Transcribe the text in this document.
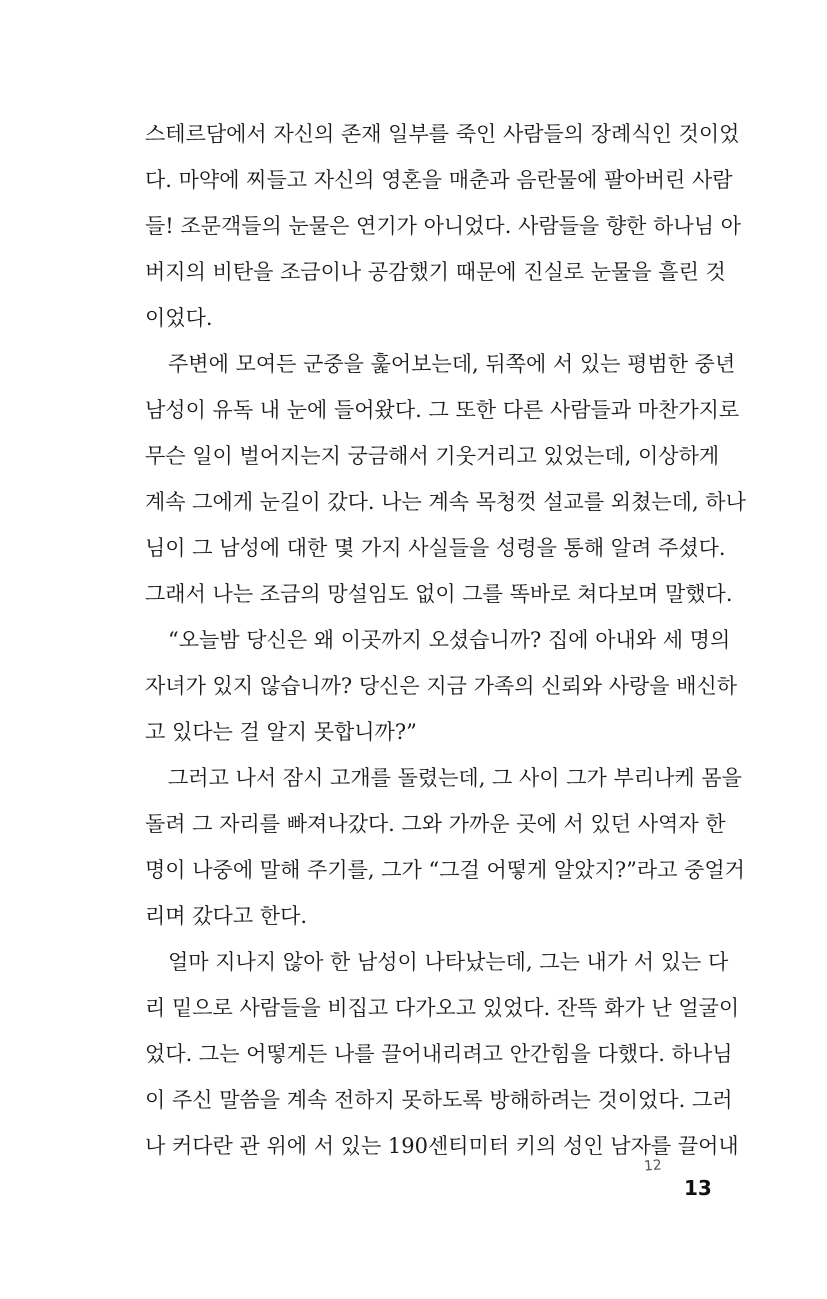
스테르담에서 자신의 존재 일부를 죽인 사람들의 장례식인 것이었
다. 마약에 찌들고 자신의 영혼을 매춘과 음란물에 팔아버린 사람
들! 조문객들의 눈물은 연기가 아니었다. 사람들을 향한 하나님 아
버지의 비탄을 조금이나 공감했기 때문에 진실로 눈물을 흘린 것
이었다.
주변에 모여든 군중을 훑어보는데, 뒤쪽에 서 있는 평범한 중년
남성이 유독 내 눈에 들어왔다. 그 또한 다른 사람들과 마찬가지로
무슨 일이 벌어지는지 궁금해서 기웃거리고 있었는데, 이상하게
계속 그에게 눈길이 갔다. 나는 계속 목청껏 설교를 외쳤는데, 하나
님이 그 남성에 대한 몇 가지 사실들을 성령을 통해 알려 주셨다.
그래서 나는 조금의 망설임도 없이 그를 똑바로 쳐다보며 말했다.
“오늘밤 당신은 왜 이곳까지 오셨습니까? 집에 아내와 세 명의
자녀가 있지 않습니까? 당신은 지금 가족의 신뢰와 사랑을 배신하
고 있다는 걸 알지 못합니까?”
그러고 나서 잠시 고개를 돌렸는데, 그 사이 그가 부리나케 몸을
돌려 그 자리를 빠져나갔다. 그와 가까운 곳에 서 있던 사역자 한
명이 나중에 말해 주기를, 그가 “그걸 어떻게 알았지?”라고 중얼거
리며 갔다고 한다.
얼마 지나지 않아 한 남성이 나타났는데, 그는 내가 서 있는 다
리 밑으로 사람들을 비집고 다가오고 있었다. 잔뜩 화가 난 얼굴이
었다. 그는 어떻게든 나를 끌어내리려고 안간힘을 다했다. 하나님
이 주신 말씀을 계속 전하지 못하도록 방해하려는 것이었다. 그러
나 커다란 관 위에 서 있는 190센티미터 키의 성인 남자를 끌어내
12
13
